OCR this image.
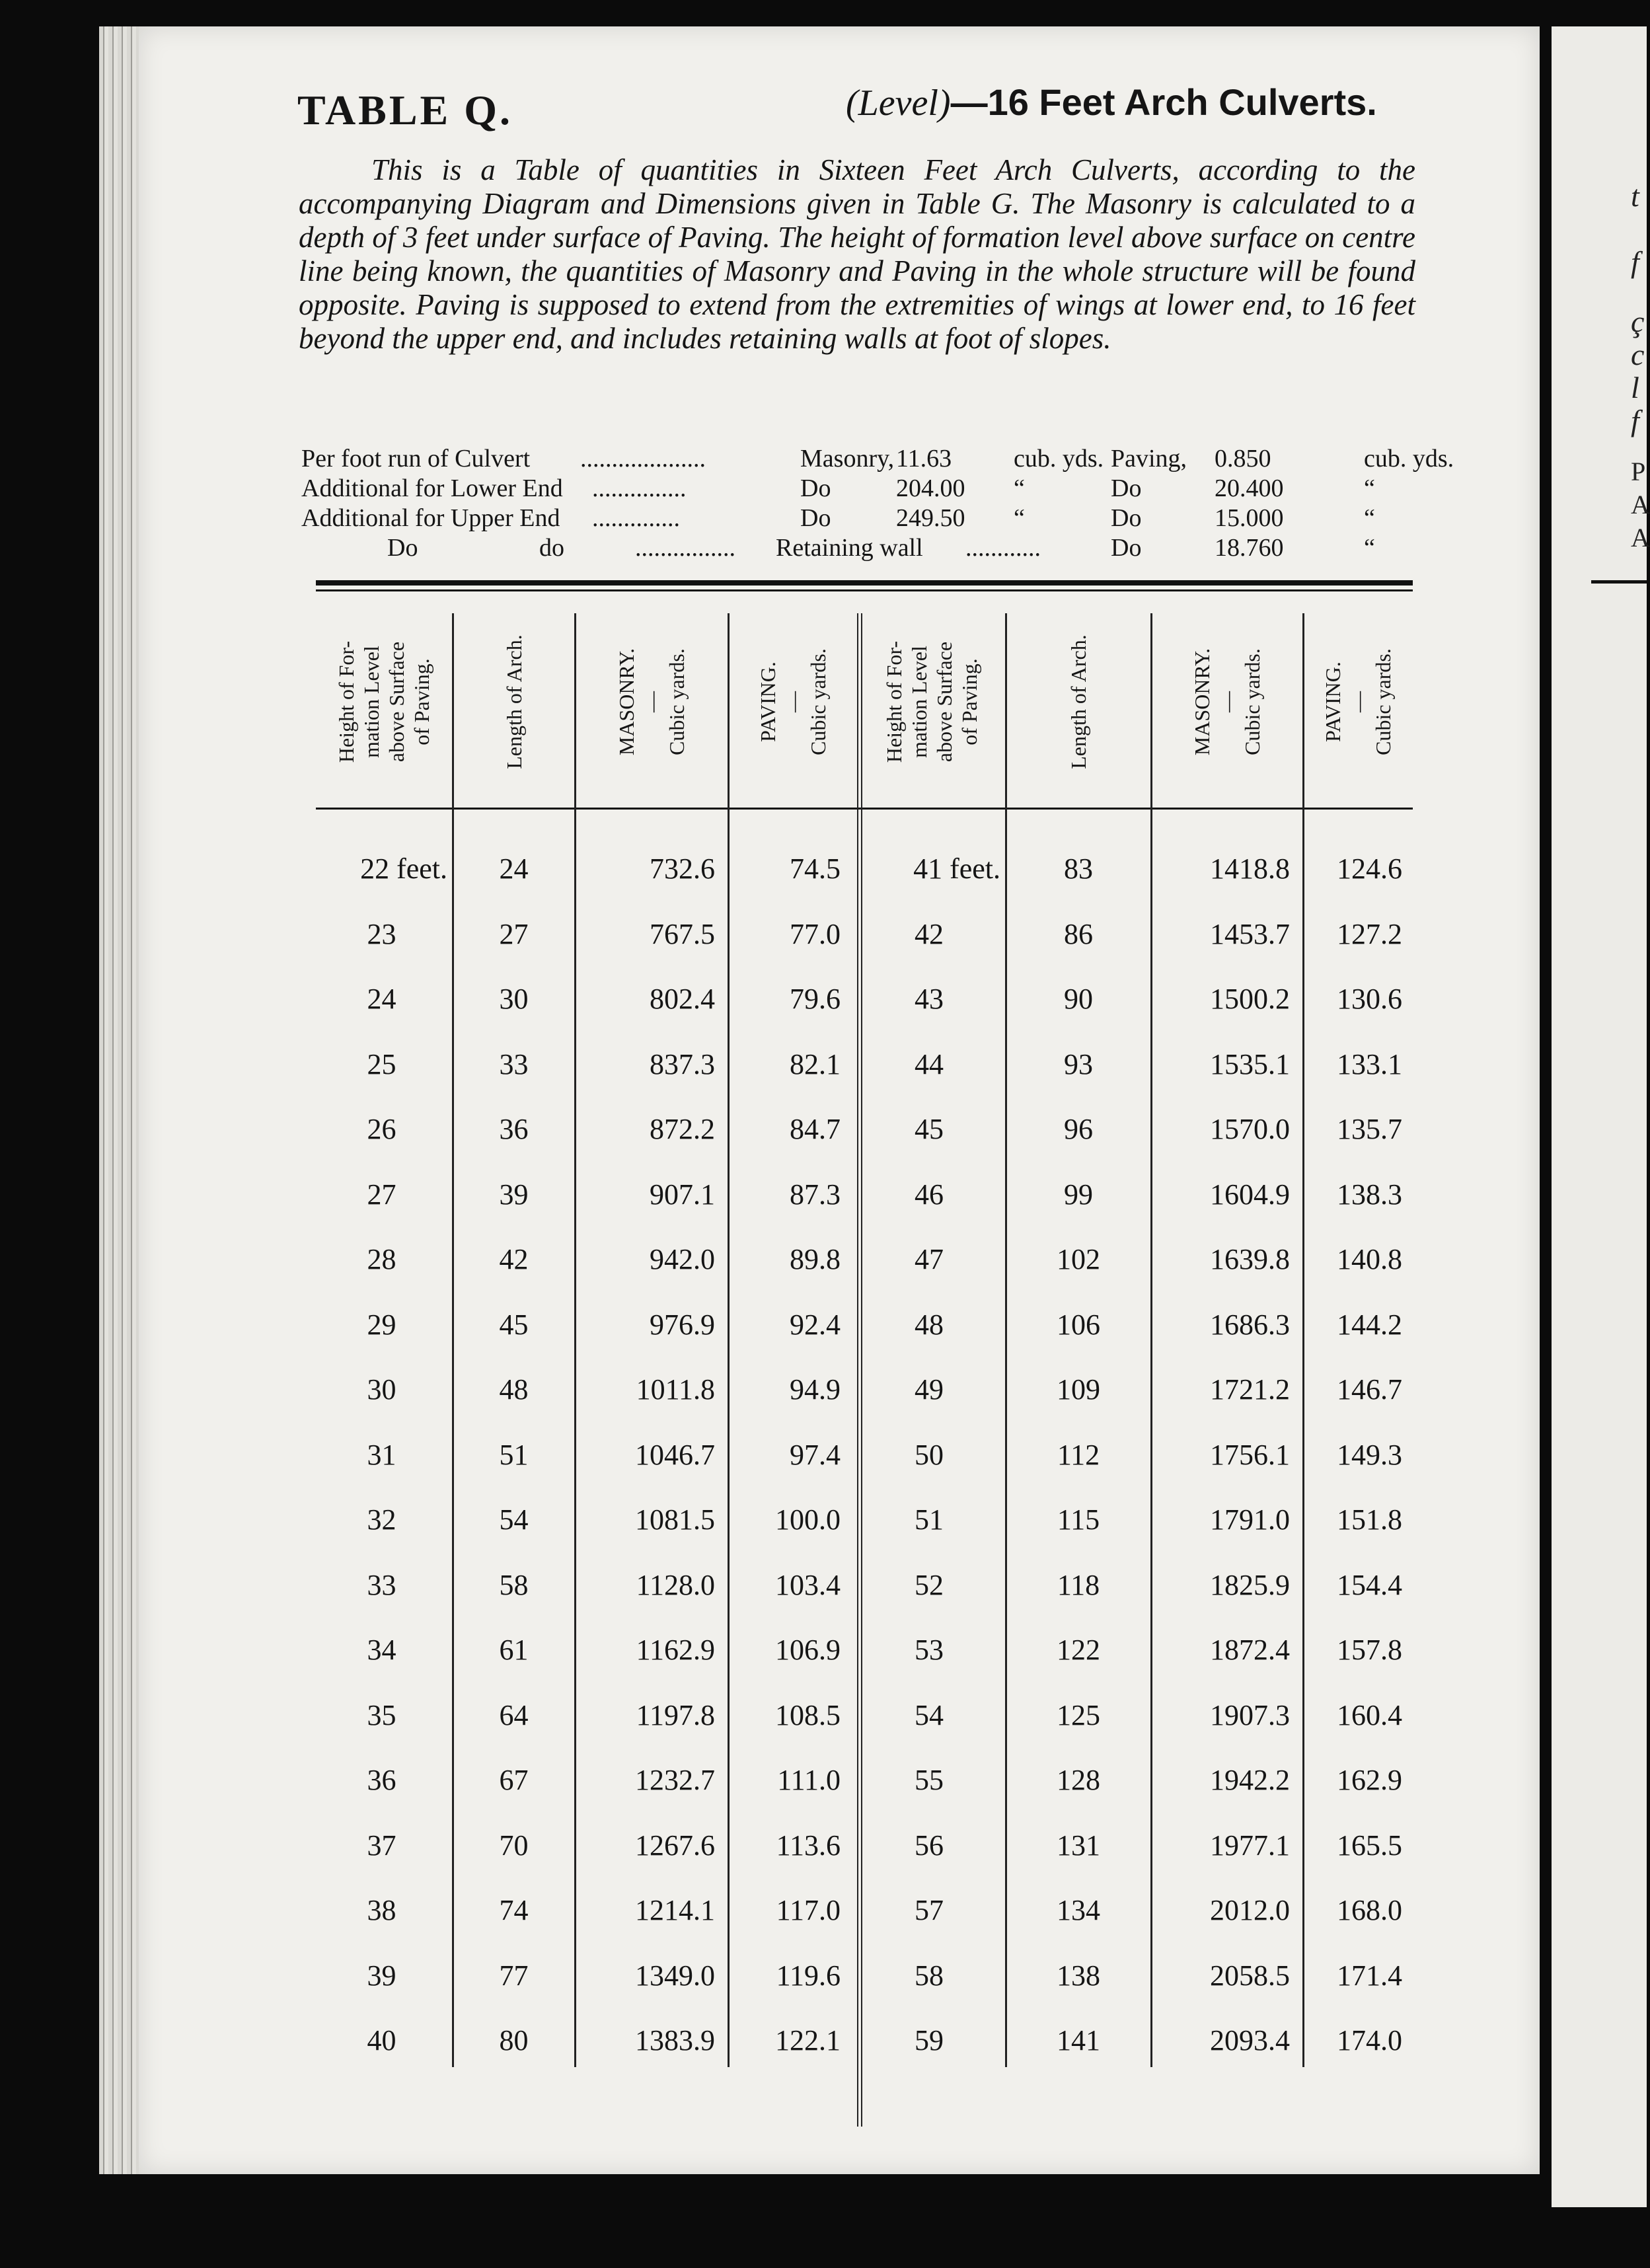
t
f
ç
c
l
f
P
A
A
TABLE Q.	(Level)—16 Feet Arch Culverts.
This is a Table of quantities in Sixteen Feet Arch Culverts, according to the accompanying Diagram and Dimensions given in Table G. The Masonry is calculated to a depth of 3 feet under surface of Paving. The height of formation level above surface on centre line being known, the quantities of Masonry and Paving in the whole structure will be found opposite. Paving is supposed to extend from the extremities of wings at lower end, to 16 feet beyond the upper end, and includes retaining walls at foot of slopes.
Per foot run of Culvert ....................	Masonry, 11.63 cub. yds. Paving, 0.850	cub. yds.
Additional for Lower End ...............	Do	204.00 “	Do	20.400	“
Additional for Upper End ..............	Do	249.50 “	Do	15.000	“
Do	do	................ Retaining wall ............	Do	18.760	“
Height of For-
mation Level
above Surface
of Paving.	Length of Arch.	MASONRY.
—
Cubic yards.	PAVING.
—
Cubic yards.
Height of For-
mation Level
above Surface
of Paving.	Length of Arch.	MASONRY.
—
Cubic yards.	PAVING.
—
Cubic yards.
22 feet.	24	732.6	74.5	41 feet.	83	1418.8	124.6
23	27	767.5	77.0	42	86	1453.7	127.2
24	30	802.4	79.6	43	90	1500.2	130.6
25	33	837.3	82.1	44	93	1535.1	133.1
26	36	872.2	84.7	45	96	1570.0	135.7
27	39	907.1	87.3	46	99	1604.9	138.3
28	42	942.0	89.8	47	102	1639.8	140.8
29	45	976.9	92.4	48	106	1686.3	144.2
30	48	1011.8	94.9	49	109	1721.2	146.7
31	51	1046.7	97.4	50	112	1756.1	149.3
32	54	1081.5	100.0	51	115	1791.0	151.8
33	58	1128.0	103.4	52	118	1825.9	154.4
34	61	1162.9	106.9	53	122	1872.4	157.8
35	64	1197.8	108.5	54	125	1907.3	160.4
36	67	1232.7	111.0	55	128	1942.2	162.9
37	70	1267.6	113.6	56	131	1977.1	165.5
38	74	1214.1	117.0	57	134	2012.0	168.0
39	77	1349.0	119.6	58	138	2058.5	171.4
40	80	1383.9	122.1	59	141	2093.4	174.0
